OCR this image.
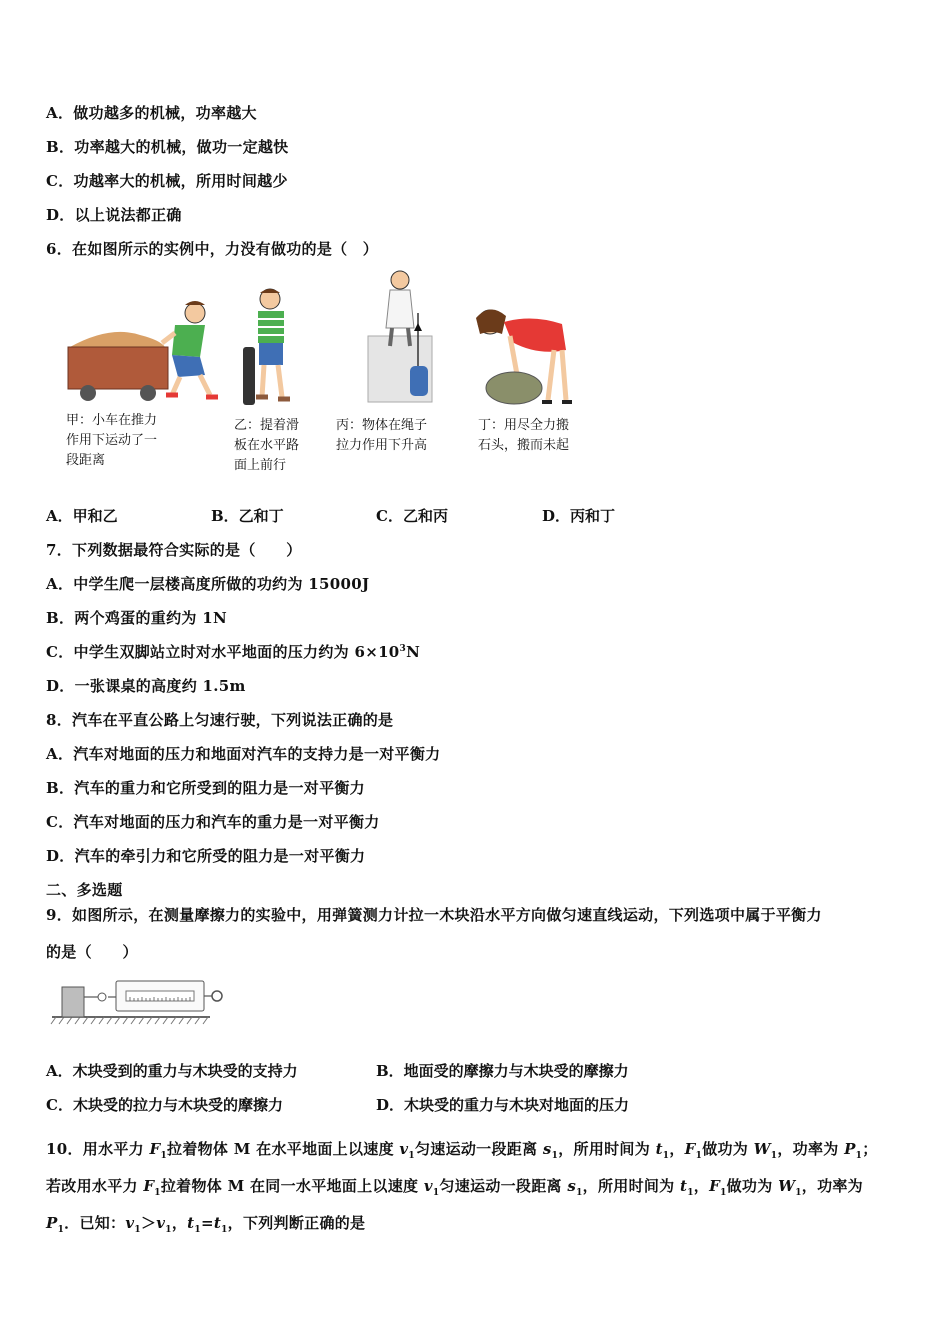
A．做功越多的机械，功率越大
B．功率越大的机械，做功一定越快
C．功越率大的机械，所用时间越少
D．以上说法都正确
6．在如图所示的实例中，力没有做功的是（　）
甲：小车在推力
作用下运动了一
段距离
乙：提着滑
板在水平路
面上前行
丙：物体在绳子
拉力作用下升高
丁：用尽全力搬
石头，搬而未起
A．甲和乙	B．乙和丁	C．乙和丙	D．丙和丁
7．下列数据最符合实际的是（　　）
A．中学生爬一层楼高度所做的功约为 15000J
B．两个鸡蛋的重约为 1N
C．中学生双脚站立时对水平地面的压力约为 $6\times 10^3N$
D．一张课桌的高度约 1.5m
8．汽车在平直公路上匀速行驶，下列说法正确的是
A．汽车对地面的压力和地面对汽车的支持力是一对平衡力
B．汽车的重力和它所受到的阻力是一对平衡力
C．汽车对地面的压力和汽车的重力是一对平衡力
D．汽车的牵引力和它所受的阻力是一对平衡力
二、多选题
9．如图所示，在测量摩擦力的实验中，用弹簧测力计拉一木块沿水平方向做匀速直线运动，下列选项中属于平衡力
的是（　　）
A．木块受到的重力与木块受的支持力	B．地面受的摩擦力与木块受的摩擦力
C．木块受的拉力与木块受的摩擦力	D．木块受的重力与木块对地面的压力
10．用水平力 $F_1$拉着物体 M 在水平地面上以速度 $v_1$匀速运动一段距离 $s_1$，所用时间为 $t_1$，$F_1$做功为 $W_1$，功率为 $P_1$；
若改用水平力 $F_1$拉着物体 M 在同一水平地面上以速度 $v_1$匀速运动一段距离 $s_1$，所用时间为 $t_1$，$F_1$做功为 $W_1$，功率为
$P_1$．已知：$v_1>v_1$，$t_1=t_1$，下列判断正确的是
